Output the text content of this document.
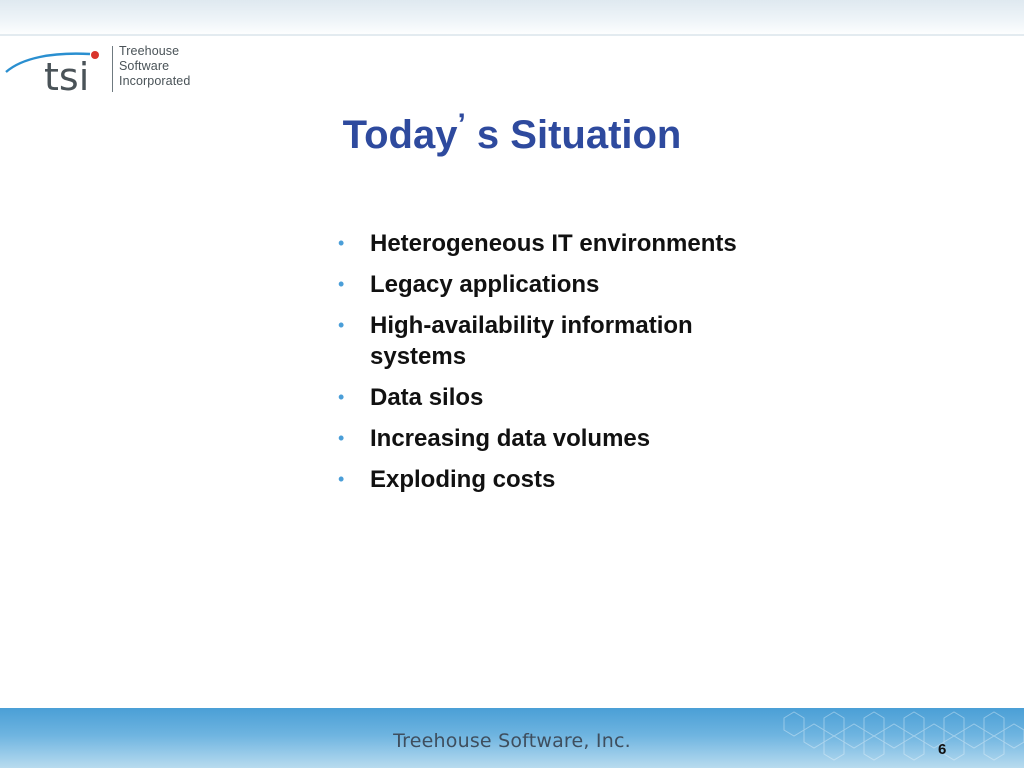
tsi
Treehouse
Software
Incorporated
Today’ s Situation
• Heterogeneous IT environments
• Legacy applications
• High-availability information systems
• Data silos
• Increasing data volumes
• Exploding costs
Treehouse Software, Inc.	6
